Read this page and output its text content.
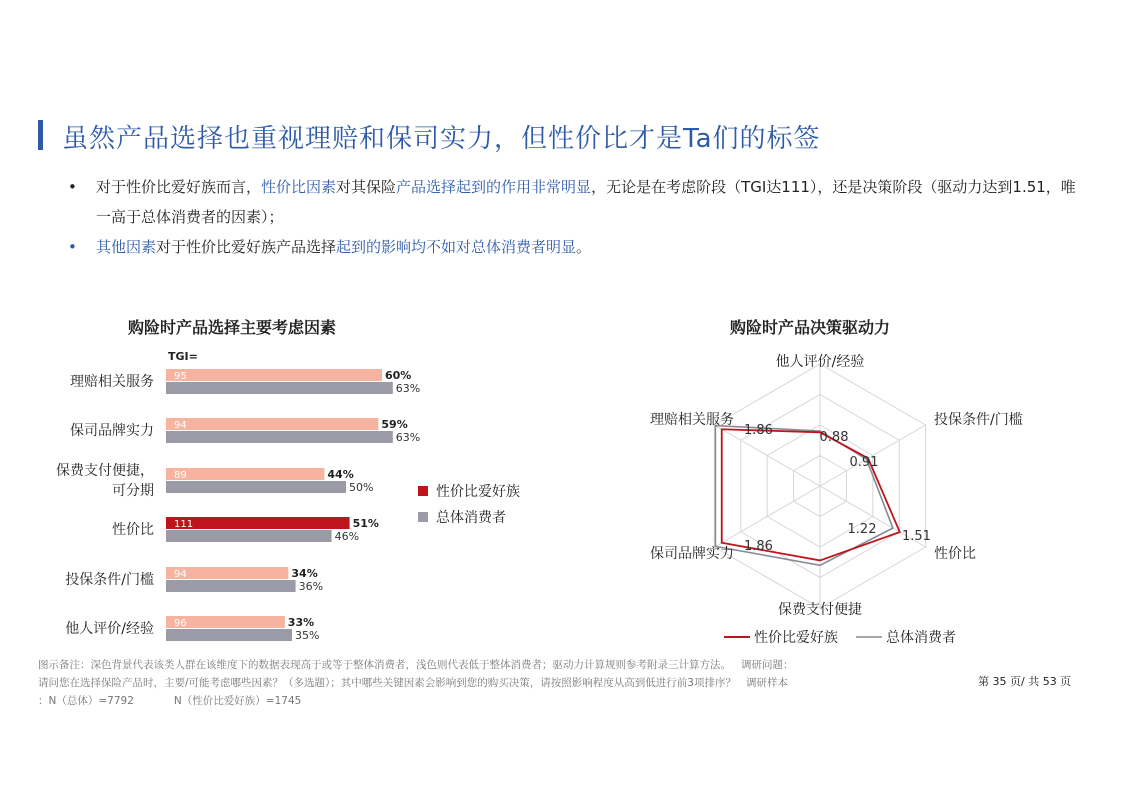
虽然产品选择也重视理赔和保司实力，但性价比才是Ta们的标签
• 对于性价比爱好族而言，性价比因素对其保险产品选择起到的作用非常明显，无论是在考虑阶段（TGI达111），还是决策阶段（驱动力达到1.51，唯一高于总体消费者的因素）；
• 其他因素对于性价比爱好族产品选择起到的影响均不如对总体消费者明显。
购险时产品选择主要考虑因素	购险时产品决策驱动力
TGI=
理赔相关服务 95	60%
63%
保司品牌实力 94	59%
63%
保费支付便捷，
可分期
89	44%
50%
性价比 111	51%
46%
投保条件/门槛 94	34%
36%
他人评价/经验 96	33%
35%
性价比爱好族
总体消费者
他人评价/经验
投保条件/门槛
性价比
保费支付便捷
保司品牌实力
理赔相关服务
0.88
0.91
1.51
1.22
1.86
1.86
性价比爱好族	总体消费者
图示备注：深色背景代表该类人群在该维度下的数据表现高于或等于整体消费者，浅色则代表低于整体消费者；驱动力计算规则参考附录三计算方法。   调研问题：
请问您在选择保险产品时，主要/可能考虑哪些因素？（多选题）；其中哪些关键因素会影响到您的购买决策，请按照影响程度从高到低进行前3项排序？   调研样本
：N（总体）=7792            N（性价比爱好族）=1745
第 35 页/ 共 53 页
